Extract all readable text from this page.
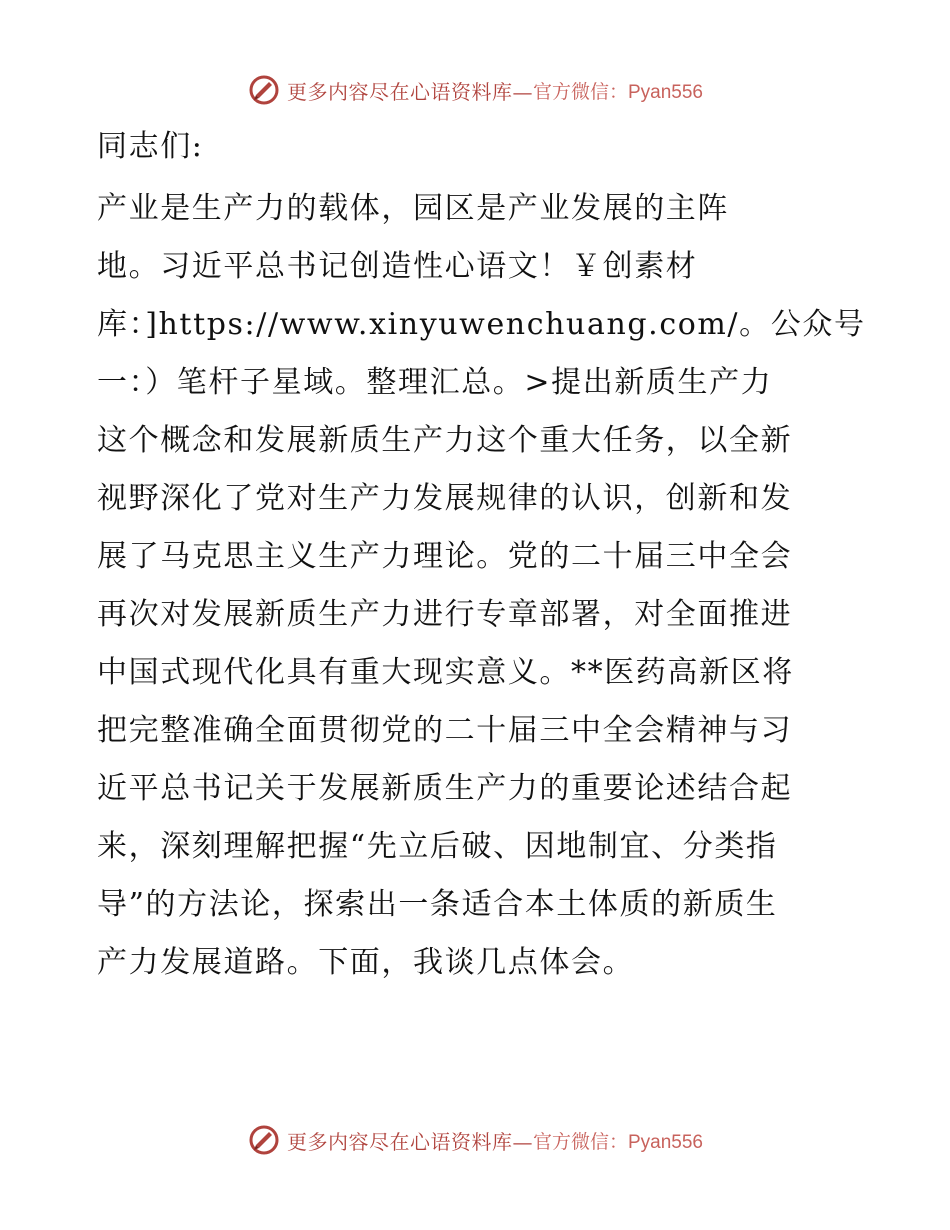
更多内容尽在心语资料库— 官方微信：Pyan556
同志们:
产业是生产力的载体，园区是产业发展的主阵
地。习近平总书记创造性心语文！￥创素材
库：]https://www.xinyuwenchuang.com/。公众号
一：）笔杆子星域。整理汇总。>提出新质生产力
这个概念和发展新质生产力这个重大任务，以全新
视野深化了党对生产力发展规律的认识，创新和发
展了马克思主义生产力理论。党的二十届三中全会
再次对发展新质生产力进行专章部署，对全面推进
中国式现代化具有重大现实意义。**医药高新区将
把完整准确全面贯彻党的二十届三中全会精神与习
近平总书记关于发展新质生产力的重要论述结合起
来，深刻理解把握“先立后破、因地制宜、分类指
导”的方法论，探索出一条适合本土体质的新质生
产力发展道路。下面，我谈几点体会。
更多内容尽在心语资料库— 官方微信：Pyan556
